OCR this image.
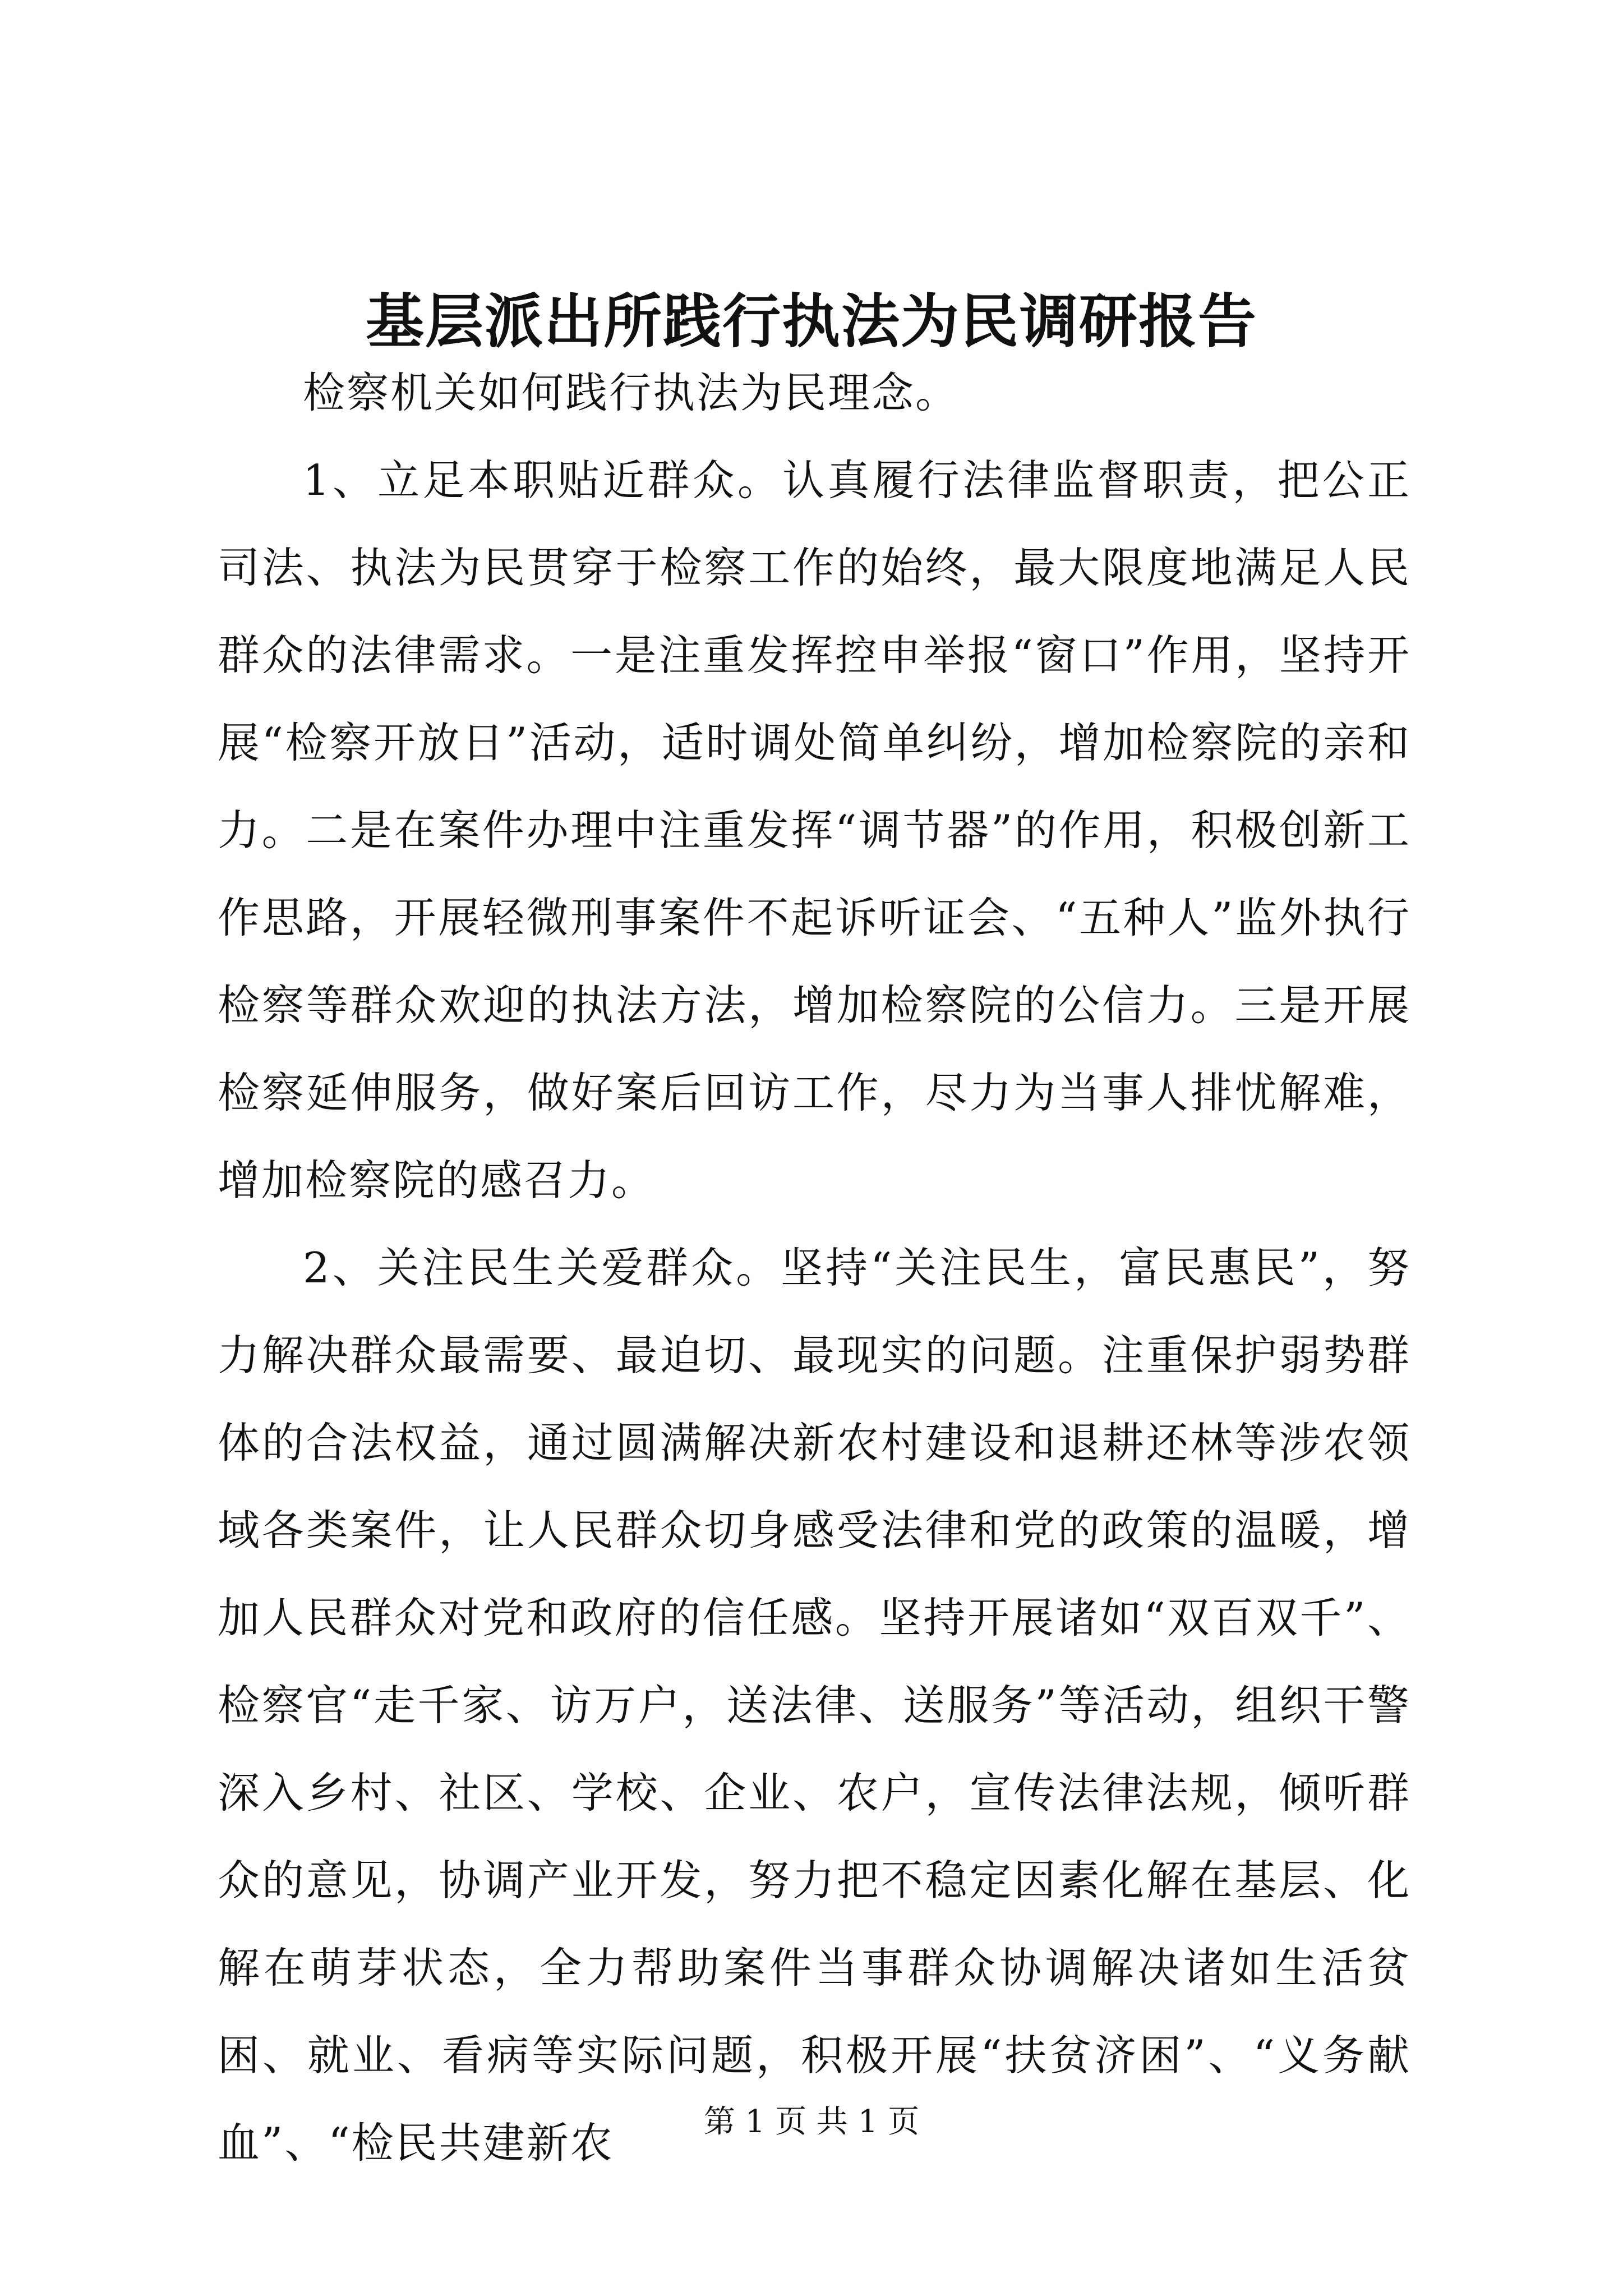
基层派出所践行执法为民调研报告

检察机关如何践行执法为民理念。

1、立足本职贴近群众。认真履行法律监督职责，把公正司法、执法为民贯穿于检察工作的始终，最大限度地满足人民群众的法律需求。一是注重发挥控申举报“窗口”作用，坚持开展“检察开放日”活动，适时调处简单纠纷，增加检察院的亲和力。二是在案件办理中注重发挥“调节器”的作用，积极创新工作思路，开展轻微刑事案件不起诉听证会、“五种人”监外执行检察等群众欢迎的执法方法，增加检察院的公信力。三是开展检察延伸服务，做好案后回访工作，尽力为当事人排忧解难，增加检察院的感召力。

2、关注民生关爱群众。坚持“关注民生，富民惠民”，努力解决群众最需要、最迫切、最现实的问题。注重保护弱势群体的合法权益，通过圆满解决新农村建设和退耕还林等涉农领域各类案件，让人民群众切身感受法律和党的政策的温暖，增加人民群众对党和政府的信任感。坚持开展诸如“双百双千”、检察官“走千家、访万户，送法律、送服务”等活动，组织干警深入乡村、社区、学校、企业、农户，宣传法律法规，倾听群众的意见，协调产业开发，努力把不稳定因素化解在基层、化解在萌芽状态，全力帮助案件当事群众协调解决诸如生活贫困、就业、看病等实际问题，积极开展“扶贫济困”、“义务献血”、“检民共建新农	第 1 页 共 1 页
